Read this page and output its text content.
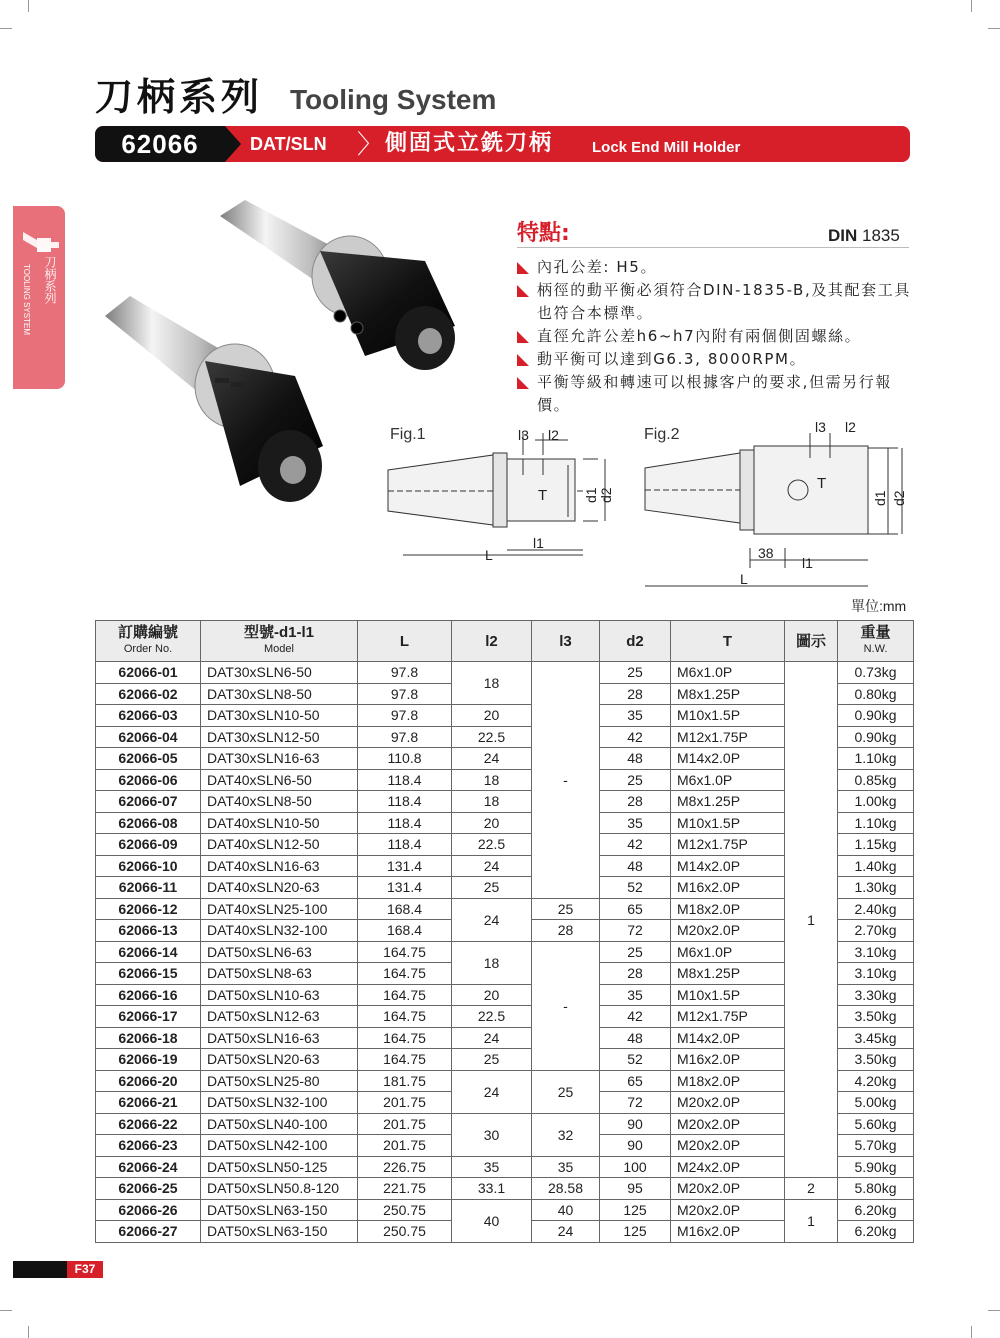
刀柄系列 Tooling System
62066	DAT/SLN 〉 側固式立銑刀柄	Lock End Mill Holder
刀柄系列
TOOLING SYSTEM
特點:	DIN 1835
內孔公差: H5。
柄徑的動平衡必須符合DIN-1835-B,及其配套工具也符合本標準。
直徑允許公差h6~h7內附有兩個側固螺絲。
動平衡可以達到G6.3, 8000RPM。
平衡等級和轉速可以根據客户的要求,但需另行報價。
Fig.1	l3 l2
T	d1 d2
L
l1
Fig.2	l3 l2
T
d1 d2
38
l1
L
單位:mm
訂購編號
Order No.	型號-d1-l1
Model	L	l2	l3	d2	T	圖示	重量
N.W.

62066-01	DAT30xSLN6-50	97.8	18	-	25	M6x1.0P	1	0.73kg
62066-02	DAT30xSLN8-50	97.8			28	M8x1.25P		0.80kg
62066-03	DAT30xSLN10-50	97.8	20		35	M10x1.5P		0.90kg
62066-04	DAT30xSLN12-50	97.8	22.5		42	M12x1.75P		0.90kg
62066-05	DAT30xSLN16-63	110.8	24		48	M14x2.0P		1.10kg
62066-06	DAT40xSLN6-50	118.4	18		25	M6x1.0P		0.85kg
62066-07	DAT40xSLN8-50	118.4	18		28	M8x1.25P		1.00kg
62066-08	DAT40xSLN10-50	118.4	20		35	M10x1.5P		1.10kg
62066-09	DAT40xSLN12-50	118.4	22.5		42	M12x1.75P		1.15kg
62066-10	DAT40xSLN16-63	131.4	24		48	M14x2.0P		1.40kg
62066-11	DAT40xSLN20-63	131.4	25		52	M16x2.0P		1.30kg
62066-12	DAT40xSLN25-100	168.4	24	25	65	M18x2.0P		2.40kg
62066-13	DAT40xSLN32-100	168.4		28	72	M20x2.0P		2.70kg
62066-14	DAT50xSLN6-63	164.75	18	-	25	M6x1.0P		3.10kg
62066-15	DAT50xSLN8-63	164.75			28	M8x1.25P		3.10kg
62066-16	DAT50xSLN10-63	164.75	20		35	M10x1.5P		3.30kg
62066-17	DAT50xSLN12-63	164.75	22.5		42	M12x1.75P		3.50kg
62066-18	DAT50xSLN16-63	164.75	24		48	M14x2.0P		3.45kg
62066-19	DAT50xSLN20-63	164.75	25		52	M16x2.0P		3.50kg
62066-20	DAT50xSLN25-80	181.75	24	25	65	M18x2.0P		4.20kg
62066-21	DAT50xSLN32-100	201.75			72	M20x2.0P		5.00kg
62066-22	DAT50xSLN40-100	201.75	30	32	90	M20x2.0P		5.60kg
62066-23	DAT50xSLN42-100	201.75			90	M20x2.0P		5.70kg
62066-24	DAT50xSLN50-125	226.75	35	35	100	M24x2.0P		5.90kg
62066-25	DAT50xSLN50.8-120	221.75	33.1	28.58	95	M20x2.0P	2	5.80kg
62066-26	DAT50xSLN63-150	250.75	40	40	125	M20x2.0P	1	6.20kg
62066-27	DAT50xSLN63-150	250.75		24	125	M16x2.0P		6.20kg
F37
